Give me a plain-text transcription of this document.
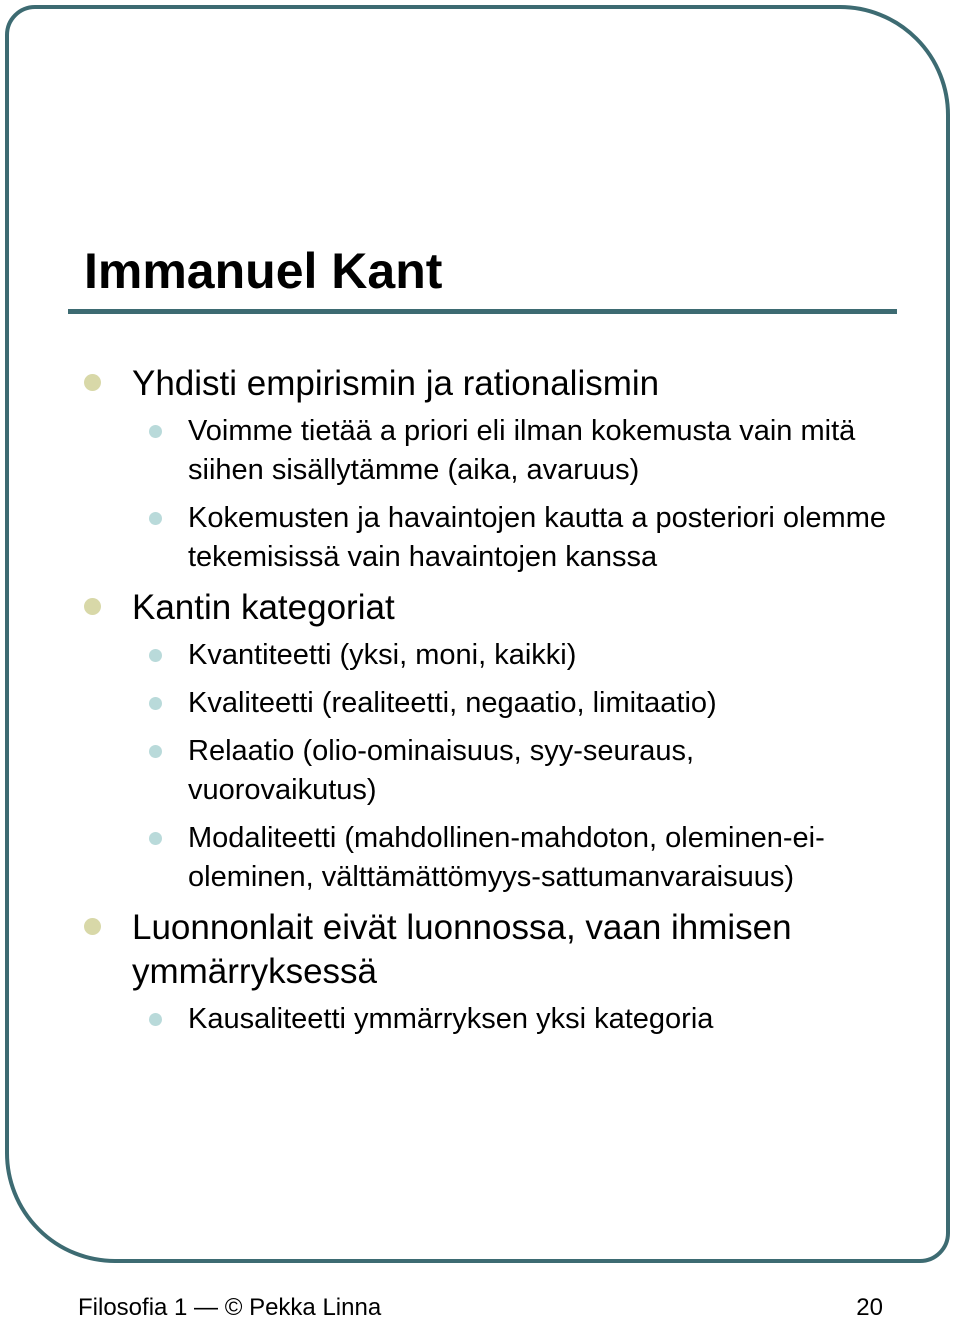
Immanuel Kant
Yhdisti empirismin ja rationalismin
Voimme tietää a priori eli ilman kokemusta vain mitä siihen sisällytämme (aika, avaruus)
Kokemusten ja havaintojen kautta a posteriori olemme tekemisissä vain havaintojen kanssa
Kantin kategoriat
Kvantiteetti (yksi, moni, kaikki)
Kvaliteetti (realiteetti, negaatio, limitaatio)
Relaatio (olio-ominaisuus, syy-seuraus, vuorovaikutus)
Modaliteetti (mahdollinen-mahdoton, oleminen-ei-oleminen, välttämättömyys-sattumanvaraisuus)
Luonnonlait eivät luonnossa, vaan ihmisen ymmärryksessä
Kausaliteetti ymmärryksen yksi kategoria
Filosofia 1 — © Pekka Linna	20
